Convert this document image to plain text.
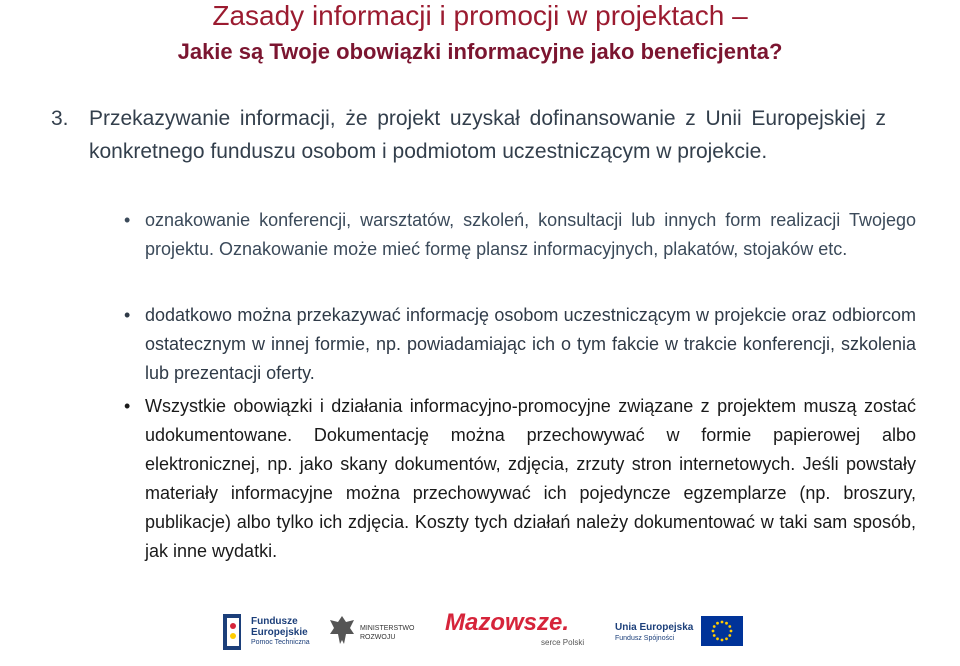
Zasady informacji i promocji w projektach –
Jakie są Twoje obowiązki informacyjne jako beneficjenta?
3. Przekazywanie informacji, że projekt uzyskał dofinansowanie z Unii Europejskiej z konkretnego funduszu osobom i podmiotom uczestniczącym w projekcie.
• oznakowanie konferencji, warsztatów, szkoleń, konsultacji lub innych form realizacji Twojego projektu. Oznakowanie może mieć formę plansz informacyjnych, plakatów, stojaków etc.
• dodatkowo można przekazywać informację osobom uczestniczącym w projekcie oraz odbiorcom ostatecznym w innej formie, np. powiadamiając ich o tym fakcie w trakcie konferencji, szkolenia lub prezentacji oferty.
• Wszystkie obowiązki i działania informacyjno-promocyjne związane z projektem muszą zostać udokumentowane. Dokumentację można przechowywać w formie papierowej albo elektronicznej, np. jako skany dokumentów, zdjęcia, zrzuty stron internetowych. Jeśli powstały materiały informacyjne można przechowywać ich pojedyncze egzemplarze (np. broszury, publikacje) albo tylko ich zdjęcia. Koszty tych działań należy dokumentować w taki sam sposób, jak inne wydatki.
Fundusze
Europejskie
Pomoc Techniczna
MINISTERSTWO
ROZWOJU
Mazowsze.
serce Polski
Unia Europejska
Fundusz Spójności
